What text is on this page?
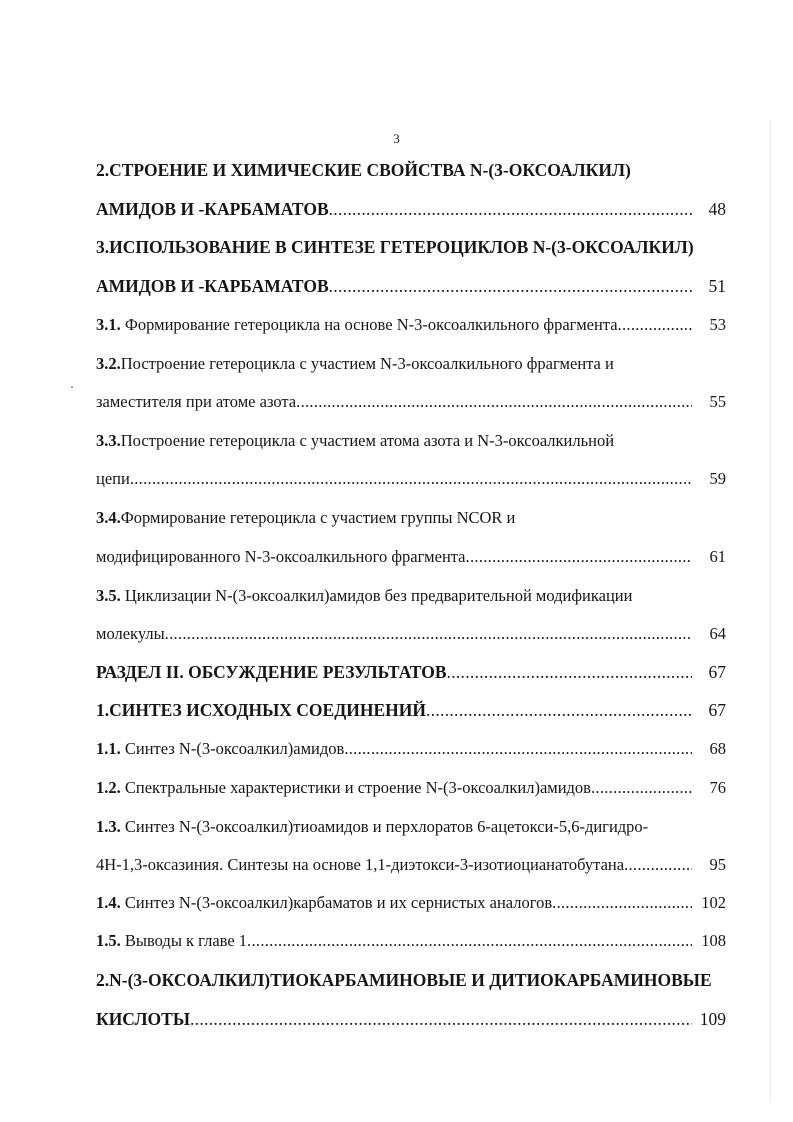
3
2.СТРОЕНИЕ И ХИМИЧЕСКИЕ СВОЙСТВА N-(3-ОКСОАЛКИЛ)
АМИДОВ И -КАРБАМАТОВ .....	48
3.ИСПОЛЬЗОВАНИЕ В СИНТЕЗЕ ГЕТЕРОЦИКЛОВ N-(3-ОКСОАЛКИЛ)
АМИДОВ И -КАРБАМАТОВ .....	51
3.1. Формирование гетероцикла на основе N-3-оксоалкильного фрагмента .....	53
3.2.Построение гетероцикла с участием N-3-оксоалкильного фрагмента и
заместителя при атоме азота .....	55
3.3.Построение гетероцикла с участием атома азота и N-3-оксоалкильной
цепи .....	59
3.4.Формирование гетероцикла с участием группы NCOR и
модифицированного N-3-оксоалкильного фрагмента .....	61
3.5. Циклизации N-(3-оксоалкил)амидов без предварительной модификации
молекулы .....	64
РАЗДЕЛ II. ОБСУЖДЕНИЕ РЕЗУЛЬТАТОВ .....	67
1.СИНТЕЗ ИСХОДНЫХ СОЕДИНЕНИЙ .....	67
1.1. Синтез N-(3-оксоалкил)амидов .....	68
1.2. Спектральные характеристики и строение N-(3-оксоалкил)амидов .....	76
1.3. Синтез N-(3-оксоалкил)тиоамидов и перхлоратов 6-ацетокси-5,6-дигидро-
4Н-1,3-оксазиния. Синтезы на основе 1,1-диэтокси-3-изотиоцианатобутана .....	95
1.4. Синтез N-(3-оксоалкил)карбаматов и их сернистых аналогов .....	102
1.5. Выводы к главе 1 .....	108
2.N-(3-ОКСОАЛКИЛ)ТИОКАРБАМИНОВЫЕ И ДИТИОКАРБАМИНОВЫЕ
КИСЛОТЫ .....	109
